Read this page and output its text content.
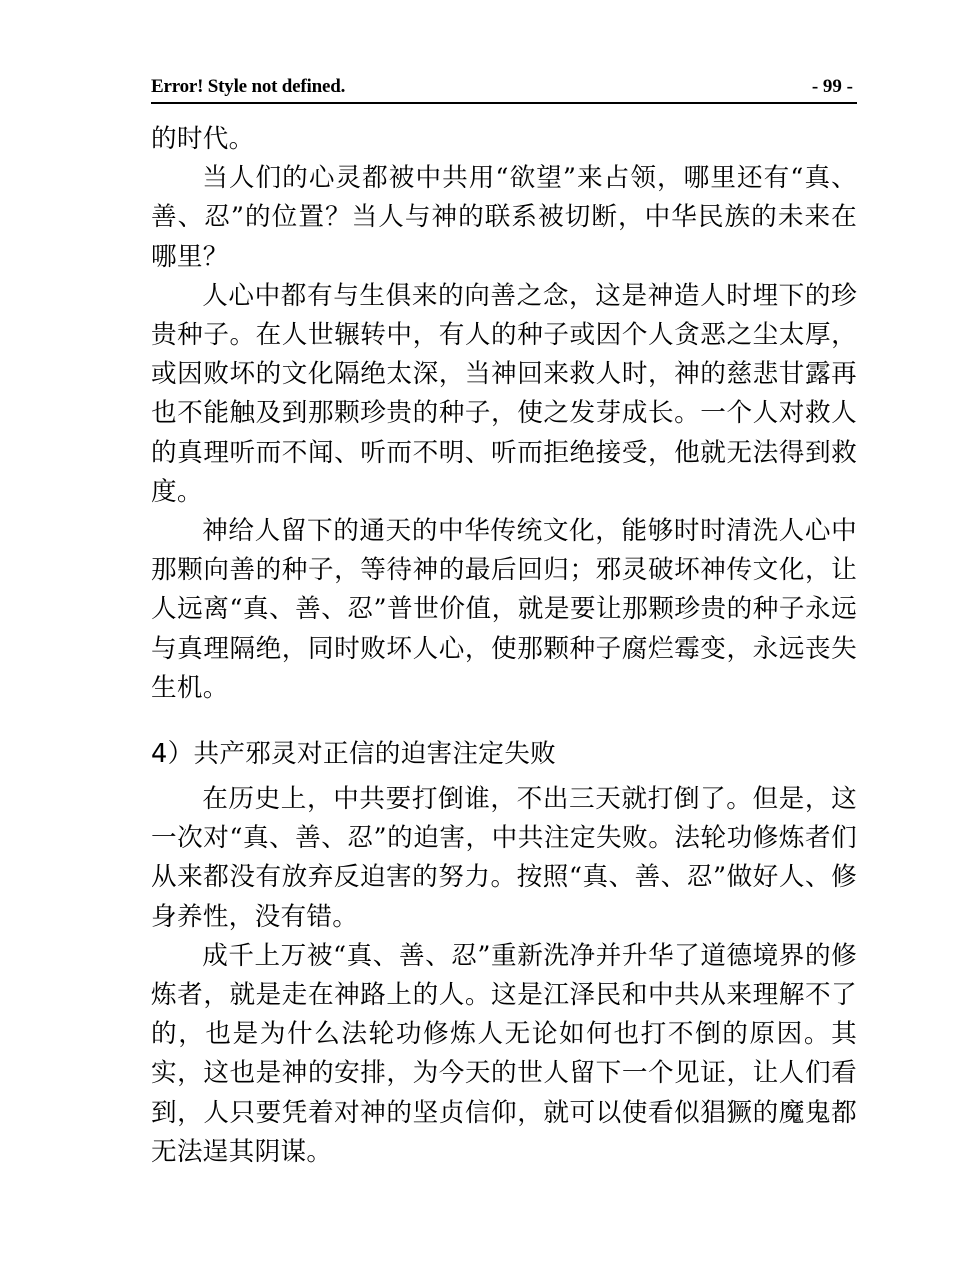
Error! Style not defined.	- 99 -

的时代。

当人们的心灵都被中共用“欲望”来占领，哪里还有“真、善、忍”的位置？当人与神的联系被切断，中华民族的未来在哪里？

人心中都有与生俱来的向善之念，这是神造人时埋下的珍贵种子。在人世辗转中，有人的种子或因个人贪恶之尘太厚，或因败坏的文化隔绝太深，当神回来救人时，神的慈悲甘露再也不能触及到那颗珍贵的种子，使之发芽成长。一个人对救人的真理听而不闻、听而不明、听而拒绝接受，他就无法得到救度。

神给人留下的通天的中华传统文化，能够时时清洗人心中那颗向善的种子，等待神的最后回归；邪灵破坏神传文化，让人远离“真、善、忍”普世价值，就是要让那颗珍贵的种子永远与真理隔绝，同时败坏人心，使那颗种子腐烂霉变，永远丧失生机。

4）共产邪灵对正信的迫害注定失败

在历史上，中共要打倒谁，不出三天就打倒了。但是，这一次对“真、善、忍”的迫害，中共注定失败。法轮功修炼者们从来都没有放弃反迫害的努力。按照“真、善、忍”做好人、修身养性，没有错。

成千上万被“真、善、忍”重新洗净并升华了道德境界的修炼者，就是走在神路上的人。这是江泽民和中共从来理解不了的，也是为什么法轮功修炼人无论如何也打不倒的原因。其实，这也是神的安排，为今天的世人留下一个见证，让人们看到，人只要凭着对神的坚贞信仰，就可以使看似猖獗的魔鬼都无法逞其阴谋。
